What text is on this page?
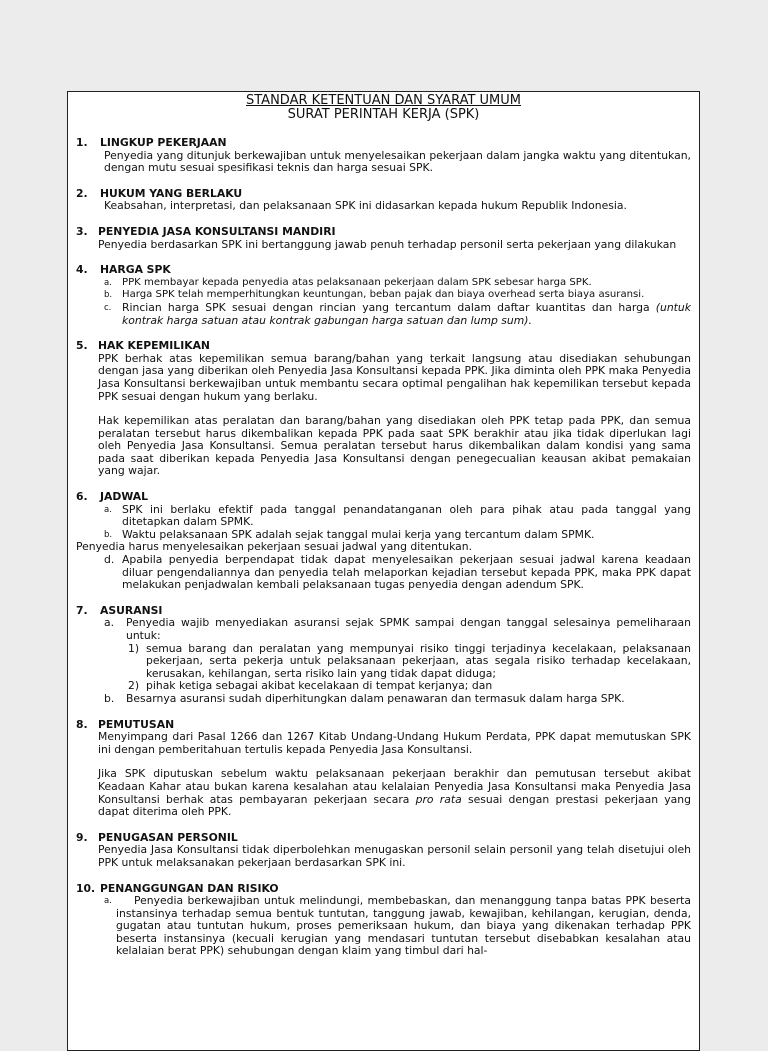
STANDAR KETENTUAN DAN SYARAT UMUM
SURAT PERINTAH KERJA (SPK)
1. LINGKUP PEKERJAAN
Penyedia yang ditunjuk berkewajiban untuk menyelesaikan pekerjaan dalam jangka waktu yang ditentukan, dengan mutu sesuai spesifikasi teknis dan harga sesuai SPK.
2. HUKUM YANG BERLAKU
Keabsahan, interpretasi, dan pelaksanaan SPK ini didasarkan kepada hukum Republik Indonesia.
3. PENYEDIA JASA KONSULTANSI MANDIRI
Penyedia berdasarkan SPK ini bertanggung jawab penuh terhadap personil serta pekerjaan yang dilakukan
4. HARGA SPK
a. PPK membayar kepada penyedia atas pelaksanaan pekerjaan dalam SPK sebesar harga SPK.
b. Harga SPK telah memperhitungkan keuntungan, beban pajak dan biaya overhead serta biaya asuransi.
c. Rincian harga SPK sesuai dengan rincian yang tercantum dalam daftar kuantitas dan harga (untuk kontrak harga satuan atau kontrak gabungan harga satuan dan lump sum).
5. HAK KEPEMILIKAN
PPK berhak atas kepemilikan semua barang/bahan yang terkait langsung atau disediakan sehubungan dengan jasa yang diberikan oleh Penyedia Jasa Konsultansi kepada PPK. Jika diminta oleh PPK maka Penyedia Jasa Konsultansi berkewajiban untuk membantu secara optimal pengalihan hak kepemilikan tersebut kepada PPK sesuai dengan hukum yang berlaku.
Hak kepemilikan atas peralatan dan barang/bahan yang disediakan oleh PPK tetap pada PPK, dan semua peralatan tersebut harus dikembalikan kepada PPK pada saat SPK berakhir atau jika tidak diperlukan lagi oleh Penyedia Jasa Konsultansi. Semua peralatan tersebut harus dikembalikan dalam kondisi yang sama pada saat diberikan kepada Penyedia Jasa Konsultansi dengan penegecualian keausan akibat pemakaian yang wajar.
6. JADWAL
a. SPK ini berlaku efektif pada tanggal penandatanganan oleh para pihak atau pada tanggal yang ditetapkan dalam SPMK.
b. Waktu pelaksanaan SPK adalah sejak tanggal mulai kerja yang tercantum dalam SPMK.
Penyedia harus menyelesaikan pekerjaan sesuai jadwal yang ditentukan.
d. Apabila penyedia berpendapat tidak dapat menyelesaikan pekerjaan sesuai jadwal karena keadaan diluar pengendaliannya dan penyedia telah melaporkan kejadian tersebut kepada PPK, maka PPK dapat melakukan penjadwalan kembali pelaksanaan tugas penyedia dengan adendum SPK.
7. ASURANSI
a. Penyedia wajib menyediakan asuransi sejak SPMK sampai dengan tanggal selesainya pemeliharaan untuk:
1) semua barang dan peralatan yang mempunyai risiko tinggi terjadinya kecelakaan, pelaksanaan pekerjaan, serta pekerja untuk pelaksanaan pekerjaan, atas segala risiko terhadap kecelakaan, kerusakan, kehilangan, serta risiko lain yang tidak dapat diduga;
2) pihak ketiga sebagai akibat kecelakaan di tempat kerjanya; dan
b. Besarnya asuransi sudah diperhitungkan dalam penawaran dan termasuk dalam harga SPK.
8. PEMUTUSAN
Menyimpang dari Pasal 1266 dan 1267 Kitab Undang-Undang Hukum Perdata, PPK dapat memutuskan SPK ini dengan pemberitahuan tertulis kepada Penyedia Jasa Konsultansi.
Jika SPK diputuskan sebelum waktu pelaksanaan pekerjaan berakhir dan pemutusan tersebut akibat Keadaan Kahar atau bukan karena kesalahan atau kelalaian Penyedia Jasa Konsultansi maka Penyedia Jasa Konsultansi berhak atas pembayaran pekerjaan secara pro rata sesuai dengan prestasi pekerjaan yang dapat diterima oleh PPK.
9. PENUGASAN PERSONIL
Penyedia Jasa Konsultansi tidak diperbolehkan menugaskan personil selain personil yang telah disetujui oleh PPK untuk melaksanakan pekerjaan berdasarkan SPK ini.
10. PENANGGUNGAN DAN RISIKO
a. Penyedia berkewajiban untuk melindungi, membebaskan, dan menanggung tanpa batas PPK beserta instansinya terhadap semua bentuk tuntutan, tanggung jawab, kewajiban, kehilangan, kerugian, denda, gugatan atau tuntutan hukum, proses pemeriksaan hukum, dan biaya yang dikenakan terhadap PPK beserta instansinya (kecuali kerugian yang mendasari tuntutan tersebut disebabkan kesalahan atau kelalaian berat PPK) sehubungan dengan klaim yang timbul dari hal-
